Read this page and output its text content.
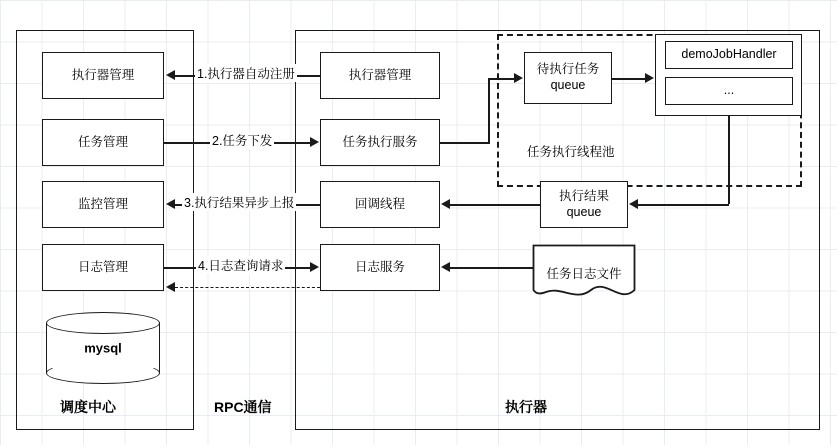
调度中心
执行器管理
任务管理
监控管理
日志管理
mysql
RPC通信	执行器
执行器管理
任务执行服务
回调线程
日志服务
任务执行线程池
待执行任务
queue
demoJobHandler
...
执行结果
queue
任务日志文件
1.执行器自动注册
2.任务下发
3.执行结果异步上报
4.日志查询请求
